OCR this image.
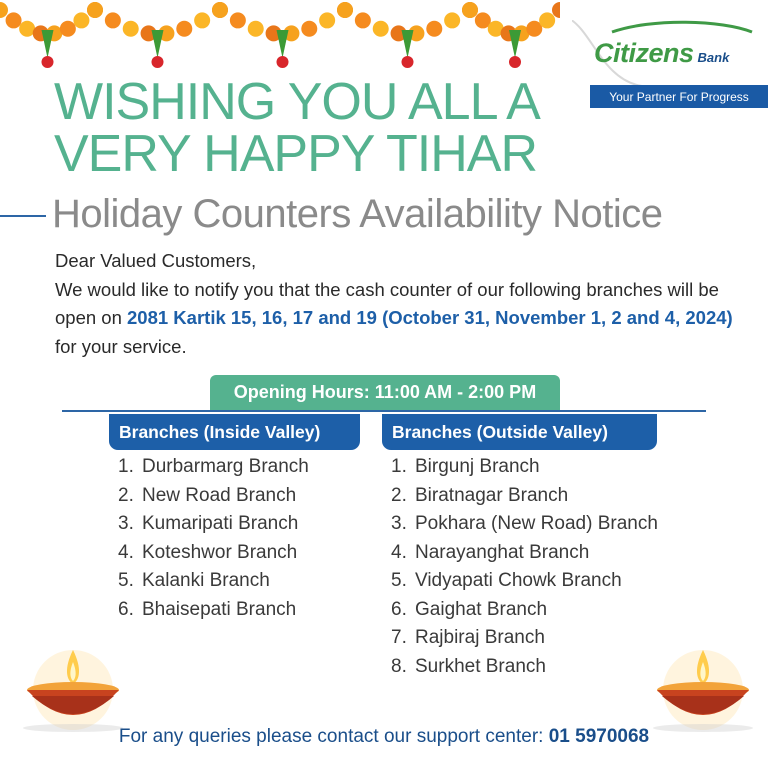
Citizens Bank
Your Partner For Progress
WISHING YOU ALL A
VERY HAPPY TIHAR
Holiday Counters Availability Notice
Dear Valued Customers,
We would like to notify you that the cash counter of our following branches will be open on 2081 Kartik 15, 16, 17 and 19 (October 31, November 1, 2 and 4, 2024) for your service.
Opening Hours: 11:00 AM - 2:00 PM
Branches (Inside Valley)	Branches (Outside Valley)
1. Durbarmarg Branch
2. New Road Branch
3. Kumaripati Branch
4. Koteshwor Branch
5. Kalanki Branch
6. Bhaisepati Branch
1. Birgunj Branch
2. Biratnagar Branch
3. Pokhara (New Road) Branch
4. Narayanghat Branch
5. Vidyapati Chowk Branch
6. Gaighat Branch
7. Rajbiraj Branch
8. Surkhet Branch
For any queries please contact our support center: 01 5970068
